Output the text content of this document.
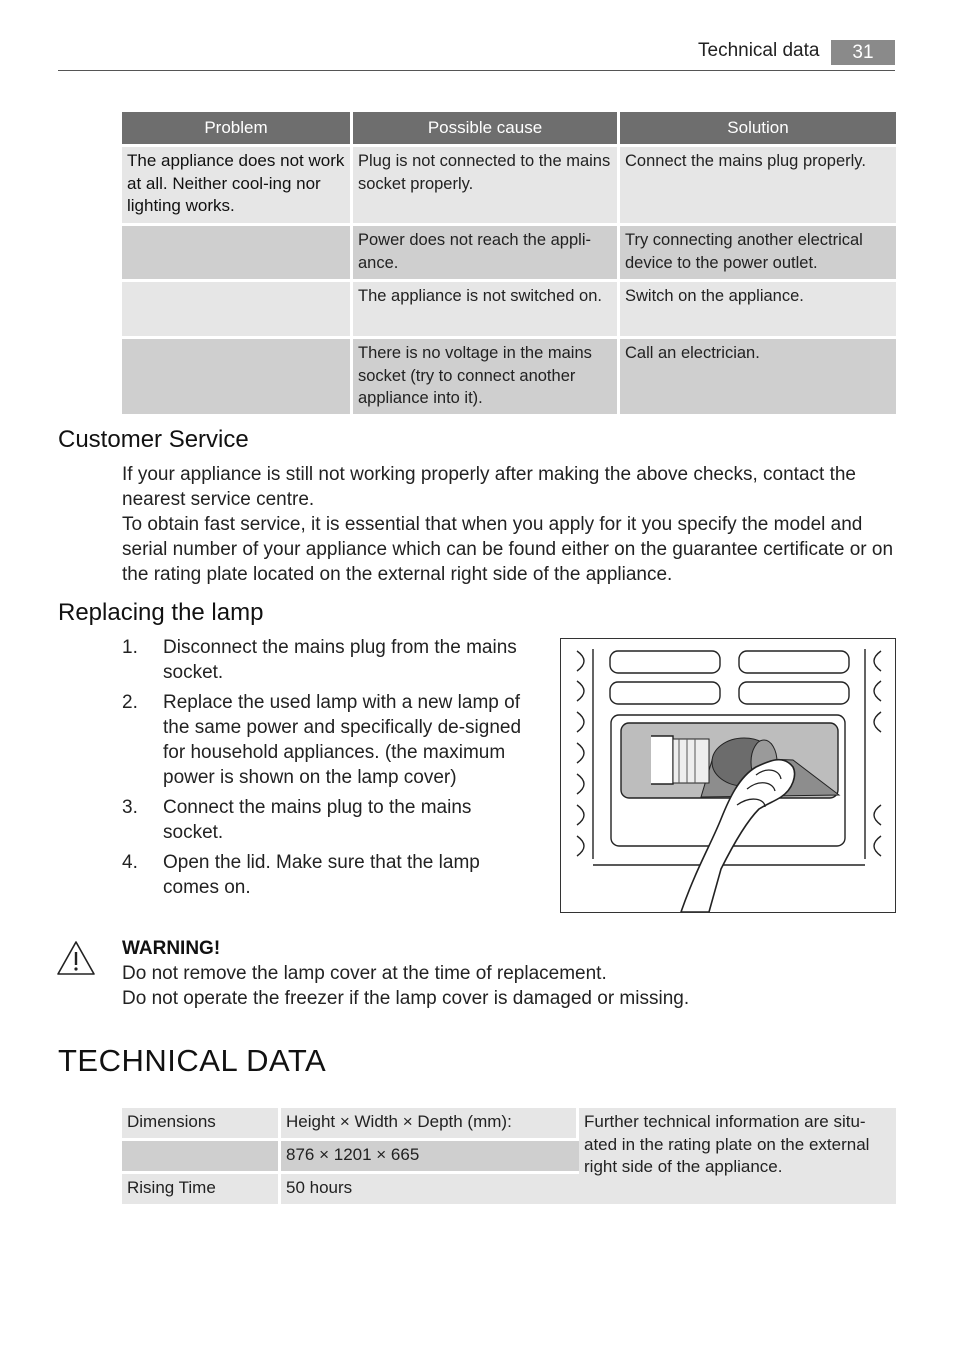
Technical data	31
Problem	Possible cause	Solution
The appliance does not work at all. Neither cool-ing nor lighting works.	Plug is not connected to the mains socket properly.	Connect the mains plug properly.
	Power does not reach the appli-ance.	Try connecting another electrical device to the power outlet.
	The appliance is not switched on.	Switch on the appliance.
	There is no voltage in the mains socket (try to connect another appliance into it).	Call an electrician.
Customer Service

If your appliance is still not working properly after making the above checks, contact the nearest service centre.

To obtain fast service, it is essential that when you apply for it you specify the model and serial number of your appliance which can be found either on the guarantee certificate or on the rating plate located on the external right side of the appliance.

Replacing the lamp
1. Disconnect the mains plug from the mains socket.
2. Replace the used lamp with a new lamp of the same power and specifically de-signed for household appliances. (the maximum power is shown on the lamp cover)
3. Connect the mains plug to the mains socket.
4. Open the lid. Make sure that the lamp comes on.
WARNING!
Do not remove the lamp cover at the time of replacement.
Do not operate the freezer if the lamp cover is damaged or missing.
TECHNICAL DATA
Dimensions	Height × Width × Depth (mm):	Further technical information are situ-ated in the rating plate on the external right side of the appliance.
	876 × 1201 × 665	
Rising Time	50 hours	
